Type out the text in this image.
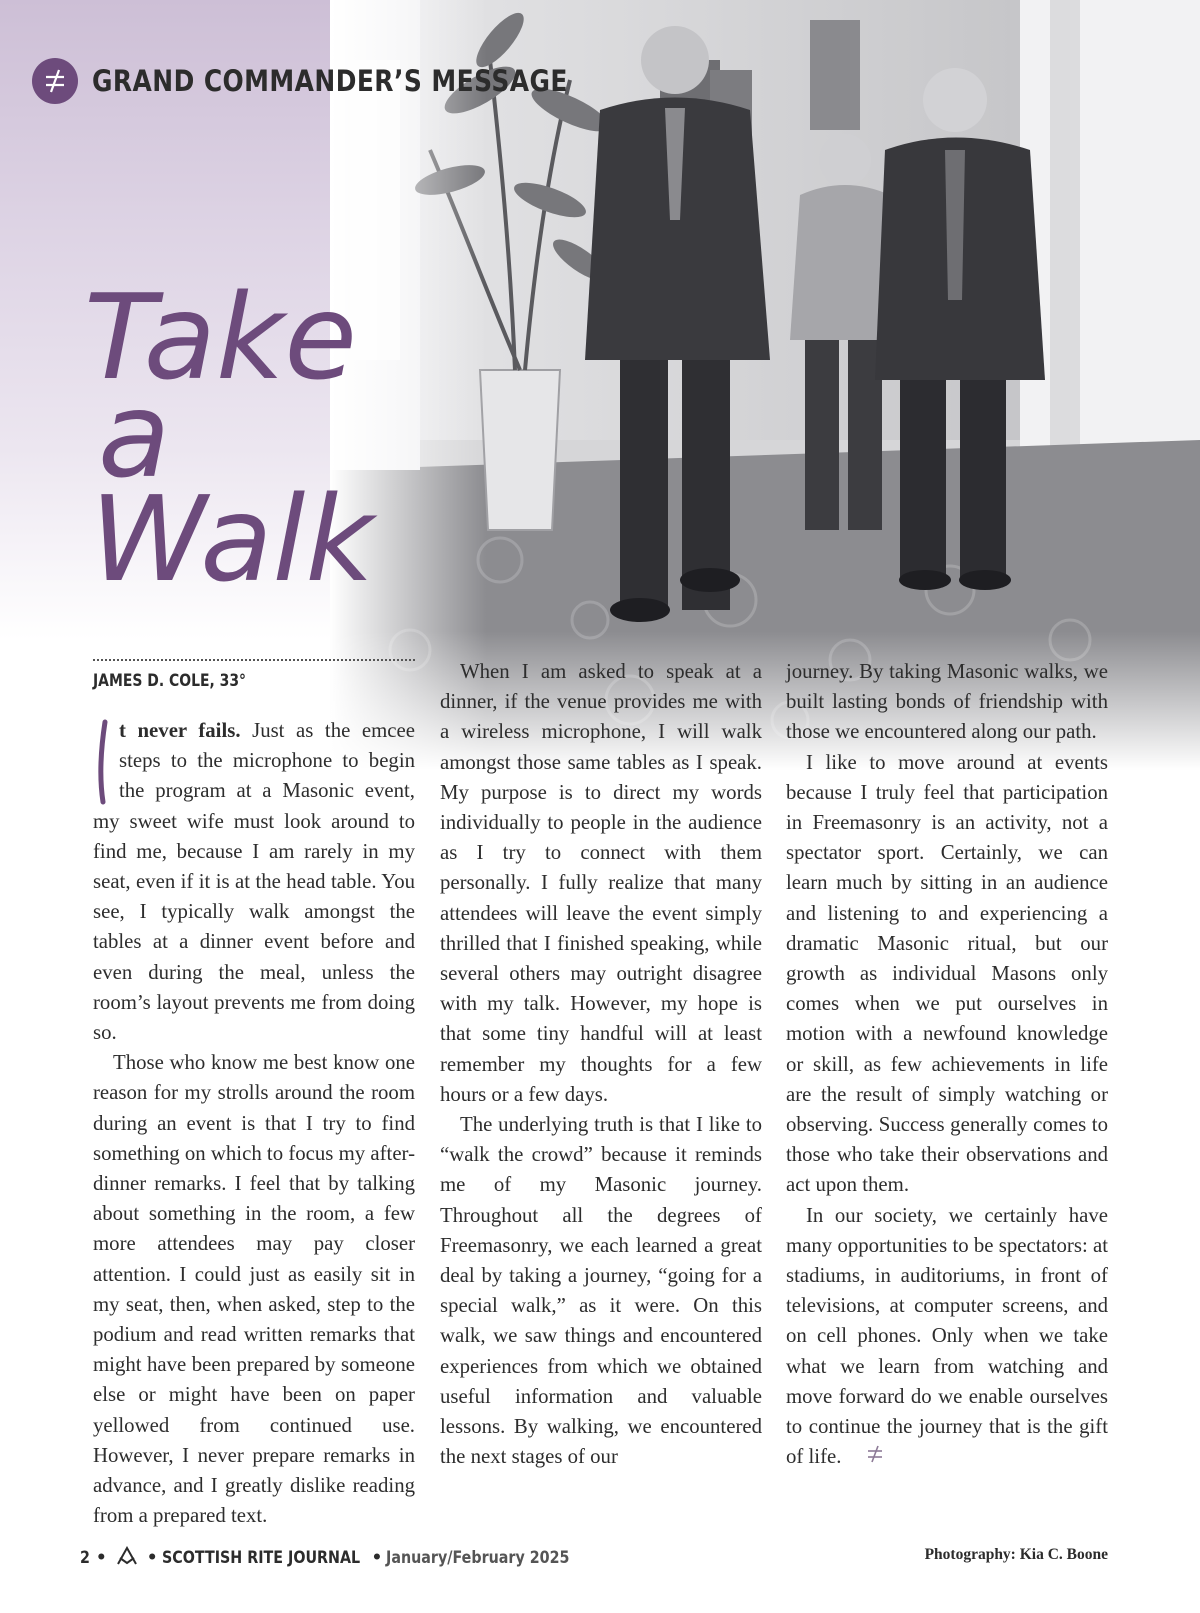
GRAND COMMANDER’S MESSAGE
Take
a
Walk
JAMES D. COLE, 33°

t never fails. Just as the emcee steps to the microphone to begin the program at a Masonic event, my sweet wife must look around to find me, because I am rarely in my seat, even if it is at the head table. You see, I typically walk amongst the tables at a dinner event before and even during the meal, unless the room’s layout prevents me from doing so.

Those who know me best know one reason for my strolls around the room during an event is that I try to find something on which to focus my after-dinner remarks. I feel that by talking about something in the room, a few more attendees may pay closer attention. I could just as easily sit in my seat, then, when asked, step to the podium and read written remarks that might have been prepared by someone else or might have been on paper yellowed from continued use. However, I never prepare remarks in advance, and I greatly dislike reading from a prepared text.

When I am asked to speak at a dinner, if the venue provides me with a wireless microphone, I will walk amongst those same tables as I speak. My purpose is to direct my words individually to people in the audience as I try to connect with them personally. I fully realize that many attendees will leave the event simply thrilled that I finished speaking, while several others may outright disagree with my talk. However, my hope is that some tiny handful will at least remember my thoughts for a few hours or a few days.

The underlying truth is that I like to “walk the crowd” because it reminds me of my Masonic journey. Throughout all the degrees of Freemasonry, we each learned a great deal by taking a journey, “going for a special walk,” as it were. On this walk, we saw things and encountered experiences from which we obtained useful information and valuable lessons. By walking, we encountered the next stages of our

journey. By taking Masonic walks, we built lasting bonds of friendship with those we encountered along our path.

I like to move around at events because I truly feel that participation in Freemasonry is an activity, not a spectator sport. Certainly, we can learn much by sitting in an audience and listening to and experiencing a dramatic Masonic ritual, but our growth as individual Masons only comes when we put ourselves in motion with a newfound knowledge or skill, as few achievements in life are the result of simply watching or observing. Success generally comes to those who take their observations and act upon them.

In our society, we certainly have many opportunities to be spectators: at stadiums, in auditoriums, in front of televisions, at computer screens, and on cell phones. Only when we take what we learn from watching and move forward do we enable ourselves to continue the journey that is the gift of life.

2 • • SCOTTISH RITE JOURNAL • January/February 2025	Photography: Kia C. Boone
